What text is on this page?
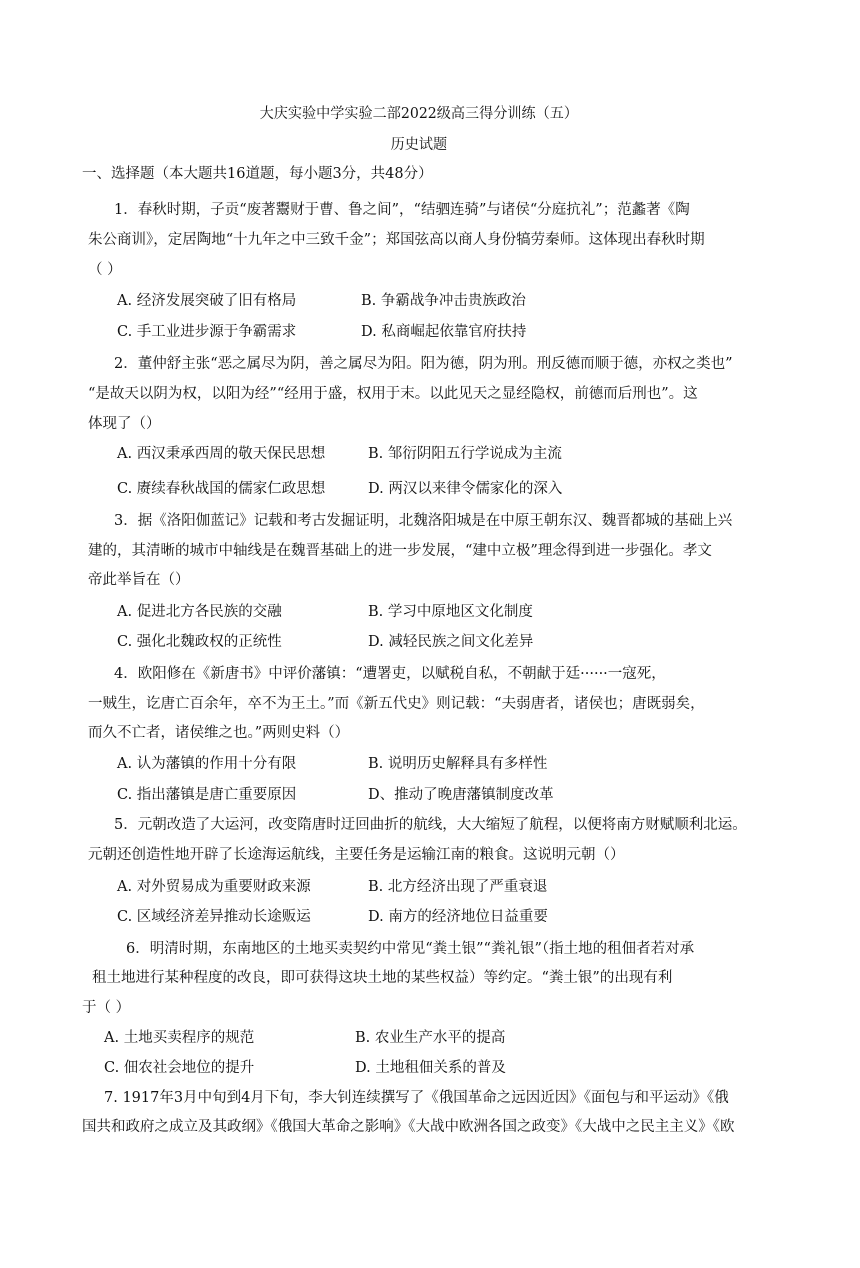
大庆实验中学实验二部2022级高三得分训练（五）
历史试题
一、选择题（本大题共16道题，每小题3分，共48分）
1．春秋时期，子贡“废著鬻财于曹、鲁之间”，“结驷连骑”与诸侯“分庭抗礼”；范蠡著《陶
朱公商训》，定居陶地“十九年之中三致千金”；郑国弦高以商人身份犒劳秦师。这体现出春秋时期
（ ）
A. 经济发展突破了旧有格局	B. 争霸战争冲击贵族政治
C. 手工业进步源于争霸需求	D. 私商崛起依靠官府扶持
2．董仲舒主张“恶之属尽为阴，善之属尽为阳。阳为德，阴为刑。刑反德而顺于德，亦权之类也”
“是故天以阴为权，以阳为经”“经用于盛，权用于末。以此见天之显经隐权，前德而后刑也”。这
体现了（）
A. 西汉秉承西周的敬天保民思想	B. 邹衍阴阳五行学说成为主流
C. 赓续春秋战国的儒家仁政思想	D. 两汉以来律令儒家化的深入
3．据《洛阳伽蓝记》记载和考古发掘证明，北魏洛阳城是在中原王朝东汉、魏晋都城的基础上兴
建的，其清晰的城市中轴线是在魏晋基础上的进一步发展，“建中立极”理念得到进一步强化。孝文
帝此举旨在（）
A. 促进北方各民族的交融	B. 学习中原地区文化制度
C. 强化北魏政权的正统性	D. 减轻民族之间文化差异
4．欧阳修在《新唐书》中评价藩镇：“遭署吏，以赋税自私，不朝献于廷······一寇死，
一贼生，讫唐亡百余年，卒不为王土。”而《新五代史》则记载：“夫弱唐者，诸侯也；唐既弱矣，
而久不亡者，诸侯维之也。”两则史料（）
A. 认为藩镇的作用十分有限	B. 说明历史解释具有多样性
C. 指出藩镇是唐亡重要原因	D、推动了晚唐藩镇制度改革
5．元朝改造了大运河，改变隋唐时迂回曲折的航线，大大缩短了航程，以便将南方财赋顺利北运。
元朝还创造性地开辟了长途海运航线，主要任务是运输江南的粮食。这说明元朝（）
A. 对外贸易成为重要财政来源	B. 北方经济出现了严重衰退
C. 区域经济差异推动长途贩运	D. 南方的经济地位日益重要
6．明清时期，东南地区的土地买卖契约中常见“粪土银”“粪礼银”（指土地的租佃者若对承
租土地进行某种程度的改良，即可获得这块土地的某些权益）等约定。“粪土银”的出现有利
于（ ）
A. 土地买卖程序的规范	B. 农业生产水平的提高
C. 佃农社会地位的提升	D. 土地租佃关系的普及
7. 1917年3月中旬到4月下旬，李大钊连续撰写了《俄国革命之远因近因》《面包与和平运动》《俄
国共和政府之成立及其政纲》《俄国大革命之影响》《大战中欧洲各国之政变》《大战中之民主主义》《欧
